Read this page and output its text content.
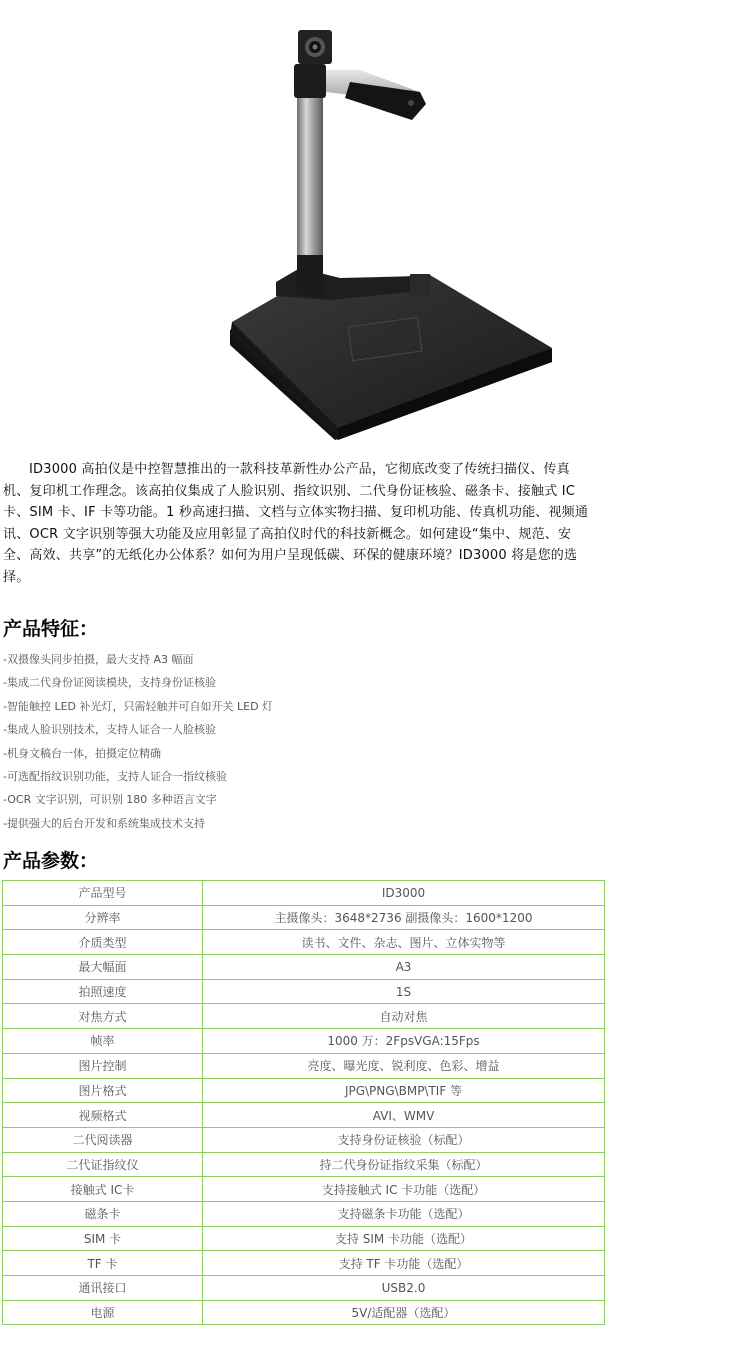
ID3000 高拍仪是中控智慧推出的一款科技革新性办公产品，它彻底改变了传统扫描仪、传真机、复印机工作理念。该高拍仪集成了人脸识别、指纹识别、二代身份证核验、磁条卡、接触式 IC 卡、SIM 卡、IF 卡等功能。1 秒高速扫描、文档与立体实物扫描、复印机功能、传真机功能、视频通讯、OCR 文字识别等强大功能及应用彰显了高拍仪时代的科技新概念。如何建设“集中、规范、安全、高效、共享”的无纸化办公体系？如何为用户呈现低碳、环保的健康环境？ID3000 将是您的选择。

产品特征：
-双摄像头同步拍摄，最大支持 A3 幅面
-集成二代身份证阅读模块，支持身份证核验
-智能触控 LED 补光灯，只需轻触并可自如开关 LED 灯
-集成人脸识别技术，支持人证合一人脸核验
-机身文稿台一体，拍摄定位精确
-可选配指纹识别功能，支持人证合一指纹核验
-OCR 文字识别，可识别 180 多种语言文字
-提供强大的后台开发和系统集成技术支持
产品参数：
产品型号	ID3000
分辨率	主摄像头：3648*2736 副摄像头：1600*1200
介质类型	读书、文件、杂志、图片、立体实物等
最大幅面	A3
拍照速度	1S
对焦方式	自动对焦
帧率	1000 万：2FpsVGA:15Fps
图片控制	亮度、曝光度、锐利度、色彩、增益
图片格式	JPG\PNG\BMP\TIF 等
视频格式	AVI、WMV
二代阅读器	支持身份证核验（标配）
二代证指纹仪	持二代身份证指纹采集（标配）
接触式 IC卡	支持接触式 IC 卡功能（选配）
磁条卡	支持磁条卡功能（选配）
SIM 卡	支持 SIM 卡功能（选配）
TF 卡	支持 TF 卡功能（选配）
通讯接口	USB2.0
电源	5V/适配器（选配）
